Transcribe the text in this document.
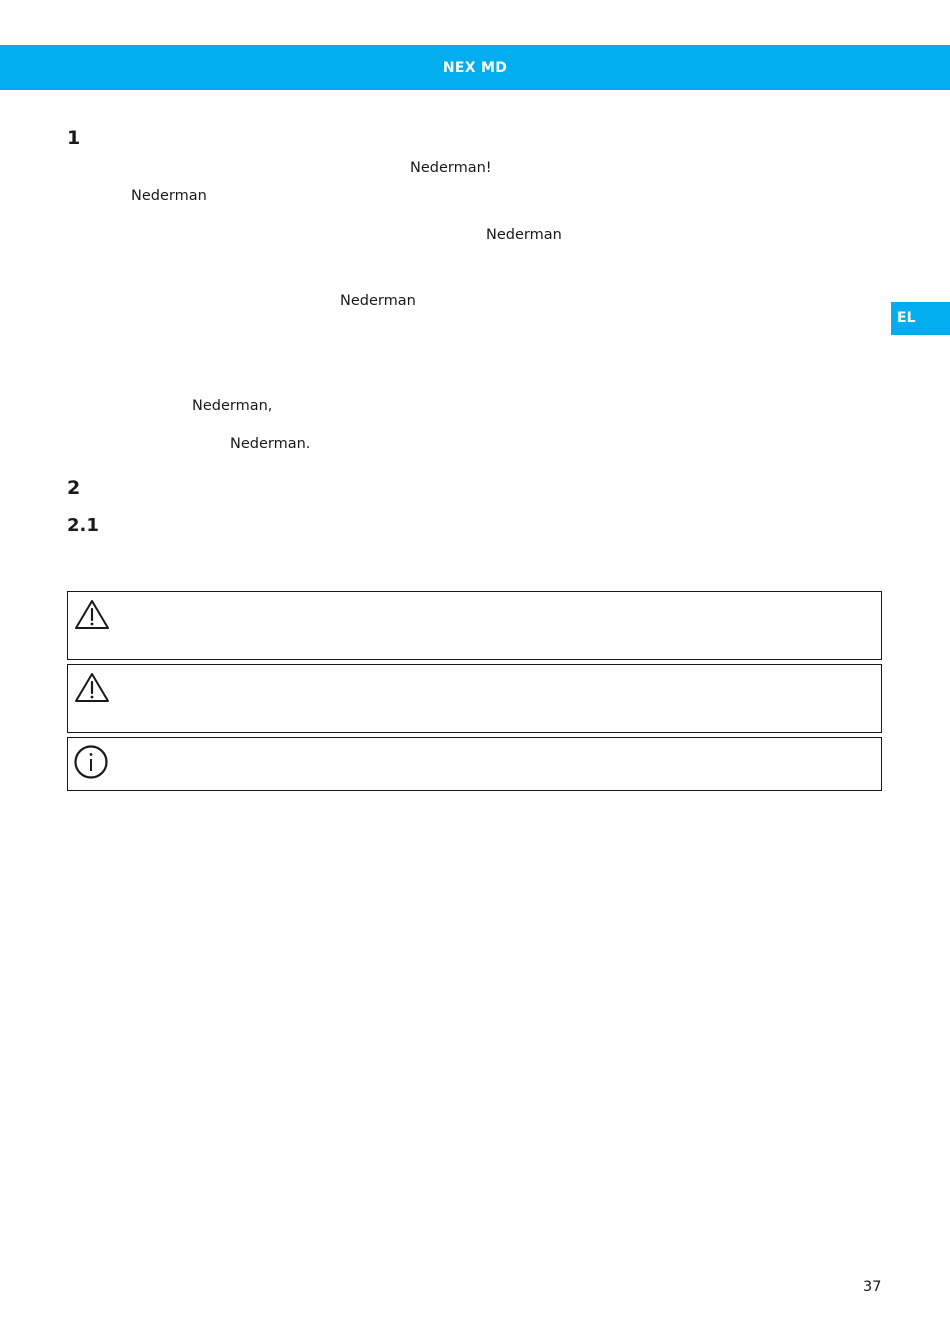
NEX MD
EL
1
Nederman!
Nederman
Nederman
Nederman
Nederman,
Nederman.
2
2.1
37
